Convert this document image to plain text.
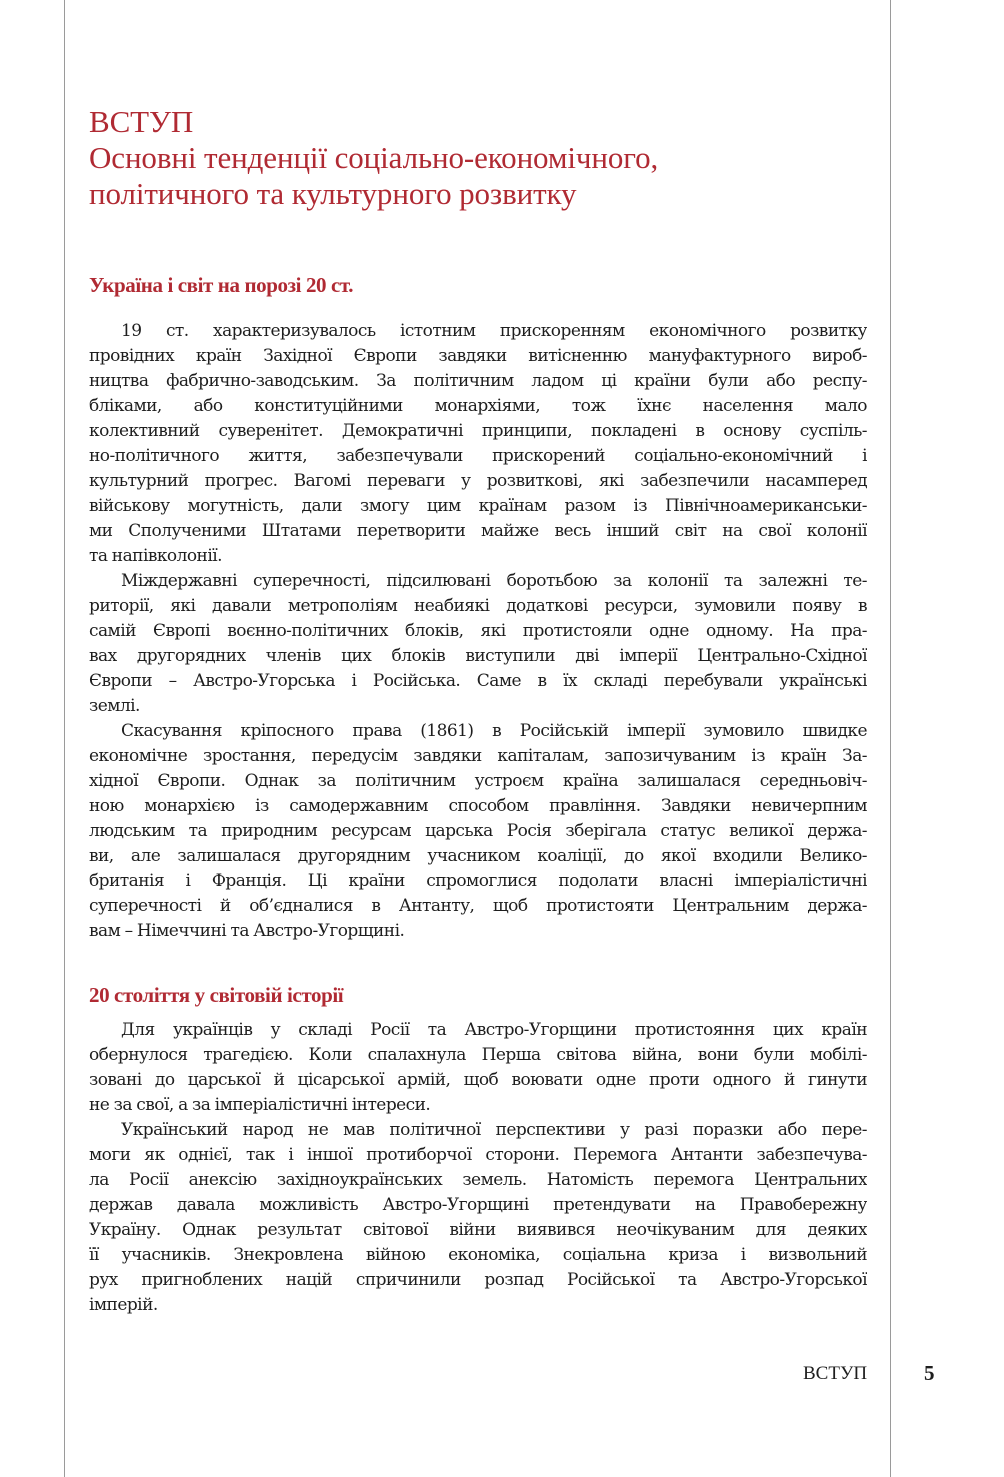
ВСТУП
Основні тенденції соціально-економічного,
політичного та культурного розвитку
Україна і світ на порозі 20 ст.
19 ст. характеризувалось істотним прискоренням економічного розвитку
провідних країн Західної Європи завдяки витісненню мануфактурного вироб-
ництва фабрично-заводським. За політичним ладом ці країни були або респу-
бліками, або конституційними монархіями, тож їхнє населення мало
колективний суверенітет. Демократичні принципи, покладені в основу суспіль-
но-політичного життя, забезпечували прискорений соціально-економічний і
культурний прогрес. Вагомі переваги у розвиткові, які забезпечили насамперед
військову могутність, дали змогу цим країнам разом із Північноамериканськи-
ми Сполученими Штатами перетворити майже весь інший світ на свої колонії
та напівколонії.
Міждержавні суперечності, підсилювані боротьбою за колонії та залежні те-
риторії, які давали метрополіям неабиякі додаткові ресурси, зумовили появу в
самій Європі воєнно-політичних блоків, які протистояли одне одному. На пра-
вах другорядних членів цих блоків виступили дві імперії Центрально-Східної
Європи – Австро-Угорська і Російська. Саме в їх складі перебували українські
землі.
Скасування кріпосного права (1861) в Російській імперії зумовило швидке
економічне зростання, передусім завдяки капіталам, запозичуваним із країн За-
хідної Європи. Однак за політичним устроєм країна залишалася середньовіч-
ною монархією із самодержавним способом правління. Завдяки невичерпним
людським та природним ресурсам царська Росія зберігала статус великої держа-
ви, але залишалася другорядним учасником коаліції, до якої входили Велико-
британія і Франція. Ці країни спромоглися подолати власні імперіалістичні
суперечності й об’єдналися в Антанту, щоб протистояти Центральним держа-
вам – Німеччині та Австро-Угорщині.
20 століття у світовій історії
Для українців у складі Росії та Австро-Угорщини протистояння цих країн
обернулося трагедією. Коли спалахнула Перша світова війна, вони були мобілі-
зовані до царської й цісарської армій, щоб воювати одне проти одного й гинути
не за свої, а за імперіалістичні інтереси.
Український народ не мав політичної перспективи у разі поразки або пере-
моги як однієї, так і іншої протиборчої сторони. Перемога Антанти забезпечува-
ла Росії анексію західноукраїнських земель. Натомість перемога Центральних
держав давала можливість Австро-Угорщині претендувати на Правобережну
Україну. Однак результат світової війни виявився неочікуваним для деяких
її учасників. Знекровлена війною економіка, соціальна криза і визвольний
рух пригноблених націй спричинили розпад Російської та Австро-Угорської
імперій.
ВСТУП	5
